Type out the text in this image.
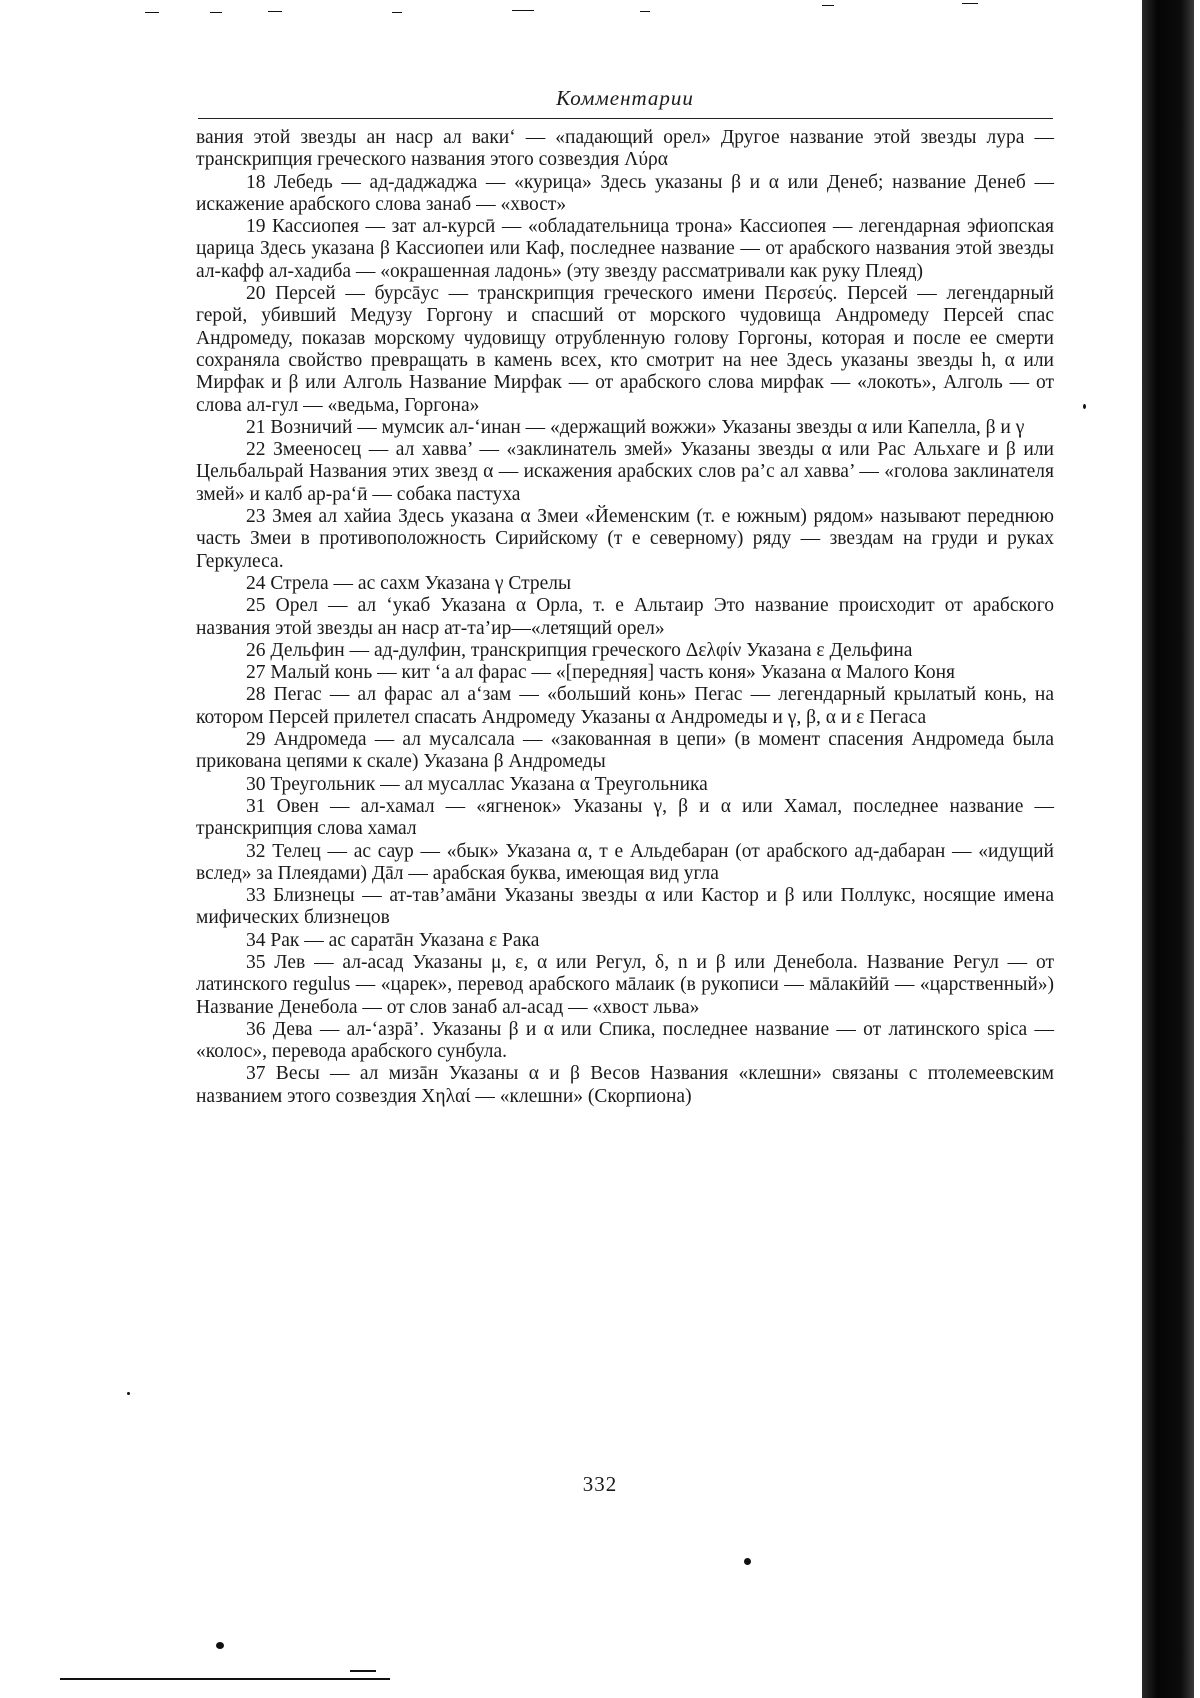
Комментарии

вания этой звезды ан наср ал ваки‘ — «падающий орел» Другое название этой звезды лура — транскрипция греческого названия этого созвездия Λύρα

18 Лебедь — ад-даджаджа — «курица» Здесь указаны β и α или Денеб; название Денеб — искажение арабского слова занаб — «хвост»

19 Кассиопея — зат ал-курсӣ — «обладательница трона» Кассиопея — легендарная эфиопская царица Здесь указана β Кассиопеи или Каф, последнее название — от арабского названия этой звезды ал-кафф ал-хадиба — «окрашенная ладонь» (эту звезду рассматривали как руку Плеяд)

20 Персей — бурсāус — транскрипция греческого имени Περσεύς. Персей — легендарный герой, убивший Медузу Горгону и спасший от морского чудовища Андромеду Персей спас Андромеду, показав морскому чудовищу отрубленную голову Горгоны, которая и после ее смерти сохраняла свойство превращать в камень всех, кто смотрит на нее Здесь указаны звезды h, α или Мирфак и β или Алголь Название Мирфак — от арабского слова мирфак — «локоть», Алголь — от слова ал-гул — «ведьма, Горгона»

21 Возничий — мумсик ал-‘инан — «держащий вожжи» Указаны звезды α или Капелла, β и γ

22 Змееносец — ал хавва’ — «заклинатель змей» Указаны звезды α или Рас Альхаге и β или Цельбальрай Названия этих звезд α — искажения арабских слов ра’с ал хавва’ — «голова заклинателя змей» и калб ар-ра‘ӣ — собака пастуха

23 Змея ал хайиа Здесь указана α Змеи «Йеменским (т. е южным) рядом» называют переднюю часть Змеи в противоположность Сирийскому (т е северному) ряду — звездам на груди и руках Геркулеса.

24 Стрела — ас сахм Указана γ Стрелы

25 Орел — ал ‘укаб Указана α Орла, т. е Альтаир Это название происходит от арабского названия этой звезды ан наср ат-та’ир—«летящий орел»

26 Дельфин — ад-дулфин, транскрипция греческого Δελφίν Указана ε Дельфина

27 Малый конь — кит ‘а ал фарас — «[передняя] часть коня» Указана α Малого Коня

28 Пегас — ал фарас ал а‘зам — «больший конь» Пегас — легендарный крылатый конь, на котором Персей прилетел спасать Андромеду Указаны α Андромеды и γ, β, α и ε Пегаса

29 Андромеда — ал мусалсала — «закованная в цепи» (в момент спасения Андромеда была прикована цепями к скале) Указана β Андромеды

30 Треугольник — ал мусаллас Указана α Треугольника

31 Овен — ал-хамал — «ягненок» Указаны γ, β и α или Хамал, последнее название — транскрипция слова хамал

32 Телец — ас саур — «бык» Указана α, т е Альдебаран (от арабского ад-дабаран — «идущий вслед» за Плеядами) Дāл — арабская буква, имеющая вид угла

33 Близнецы — ат-тав’амāни Указаны звезды α или Кастор и β или Поллукс, носящие имена мифических близнецов

34 Рак — ас саратāн Указана ε Рака

35 Лев — ал-асад Указаны μ, ε, α или Регул, δ, n и β или Денебола. Название Регул — от латинского regulus — «царек», перевод арабского мāлаик (в рукописи — мāлакӣйӣ — «царственный») Название Денебола — от слов занаб ал-асад — «хвост льва»

36 Дева — ал-‘азрā’. Указаны β и α или Спика, последнее название — от латинского spica — «колос», перевода арабского сунбула.

37 Весы — ал мизāн Указаны α и β Весов Названия «клешни» связаны с птолемеевским названием этого созвездия Χηλαί — «клешни» (Скорпиона)

332
